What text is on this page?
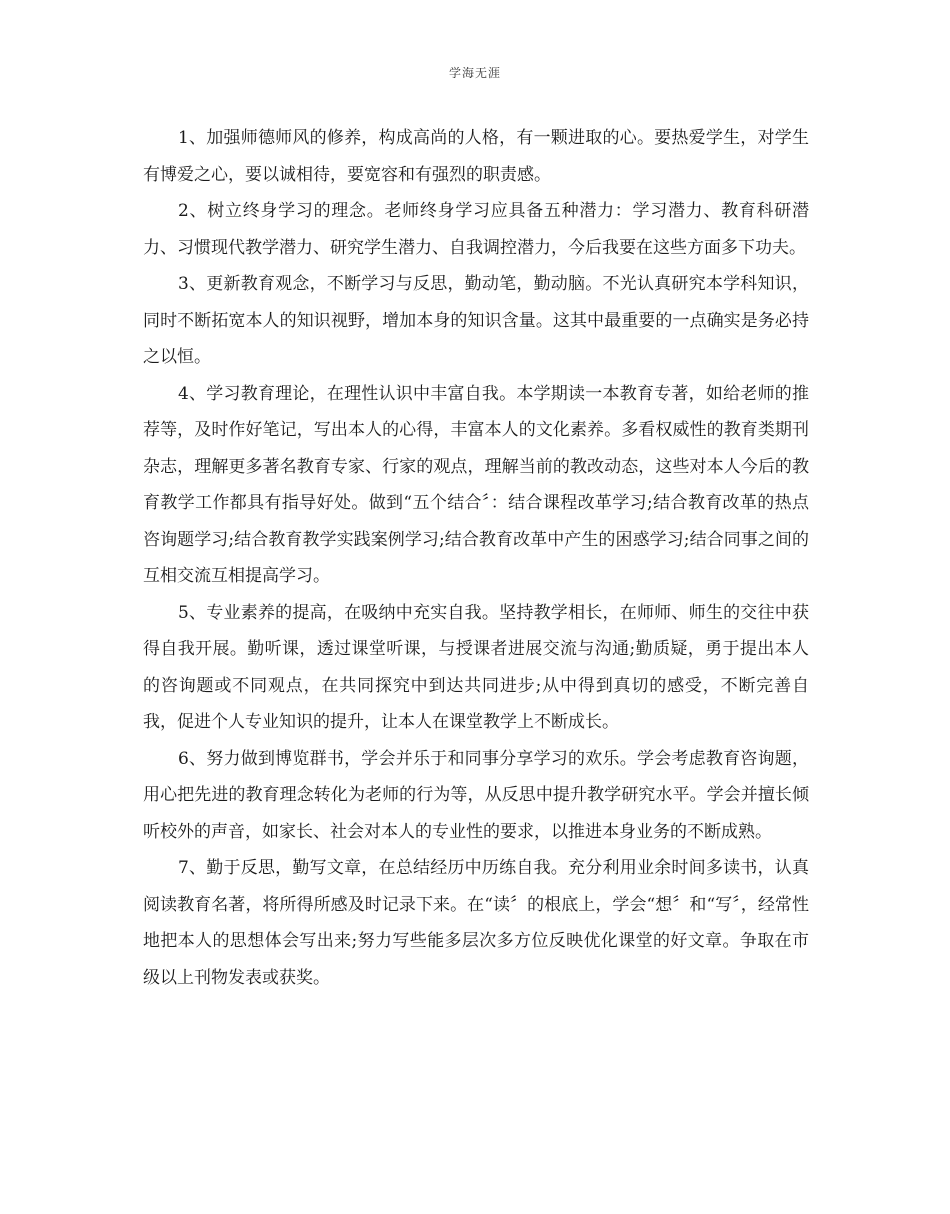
学海无涯

1、加强师德师风的修养，构成高尚的人格，有一颗进取的心。要热爱学生，对学生有博爱之心，要以诚相待，要宽容和有强烈的职责感。

2、树立终身学习的理念。老师终身学习应具备五种潜力：学习潜力、教育科研潜力、习惯现代教学潜力、研究学生潜力、自我调控潜力，今后我要在这些方面多下功夫。

3、更新教育观念，不断学习与反思，勤动笔，勤动脑。不光认真研究本学科知识，同时不断拓宽本人的知识视野，增加本身的知识含量。这其中最重要的一点确实是务必持之以恒。

4、学习教育理论，在理性认识中丰富自我。本学期读一本教育专著，如给老师的推荐等，及时作好笔记，写出本人的心得，丰富本人的文化素养。多看权威性的教育类期刊杂志，理解更多著名教育专家、行家的观点，理解当前的教改动态，这些对本人今后的教育教学工作都具有指导好处。做到“五个结合〞：结合课程改革学习;结合教育改革的热点咨询题学习;结合教育教学实践案例学习;结合教育改革中产生的困惑学习;结合同事之间的互相交流互相提高学习。

5、专业素养的提高，在吸纳中充实自我。坚持教学相长，在师师、师生的交往中获得自我开展。勤听课，透过课堂听课，与授课者进展交流与沟通;勤质疑，勇于提出本人的咨询题或不同观点，在共同探究中到达共同进步;从中得到真切的感受，不断完善自我，促进个人专业知识的提升，让本人在课堂教学上不断成长。

6、努力做到博览群书，学会并乐于和同事分享学习的欢乐。学会考虑教育咨询题，用心把先进的教育理念转化为老师的行为等，从反思中提升教学研究水平。学会并擅长倾听校外的声音，如家长、社会对本人的专业性的要求，以推进本身业务的不断成熟。

7、勤于反思，勤写文章，在总结经历中历练自我。充分利用业余时间多读书，认真阅读教育名著，将所得所感及时记录下来。在“读〞的根底上，学会“想〞和“写〞，经常性地把本人的思想体会写出来;努力写些能多层次多方位反映优化课堂的好文章。争取在市级以上刊物发表或获奖。
